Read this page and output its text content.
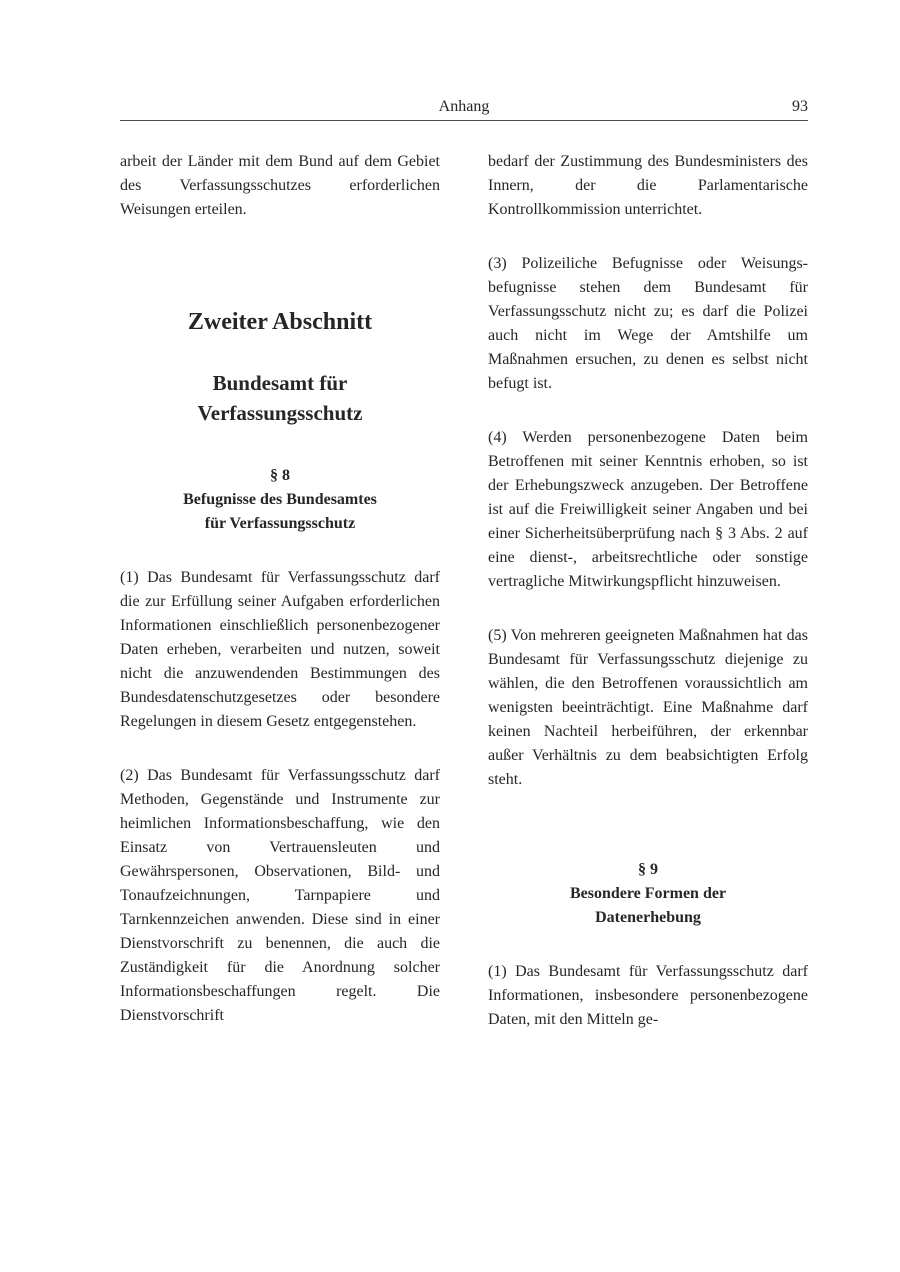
Anhang	93

arbeit der Länder mit dem Bund auf dem Gebiet des Verfassungsschutzes erforderlichen Weisungen erteilen.

Zweiter Abschnitt
Bundesamt für
Verfassungsschutz
§ 8
Befugnisse des Bundesamtes
für Verfassungsschutz

(1) Das Bundesamt für Verfassungsschutz darf die zur Erfüllung seiner Aufgaben erforderlichen Informationen einschließlich personenbezogener Daten erheben, verarbeiten und nutzen, soweit nicht die anzuwendenden Bestimmungen des Bundesdatenschutzgesetzes oder besondere Regelungen in diesem Gesetz entgegenstehen.

(2) Das Bundesamt für Verfassungsschutz darf Methoden, Gegenstände und Instrumente zur heimlichen Informationsbeschaffung, wie den Einsatz von Vertrauensleuten und Gewährspersonen, Observationen, Bild- und Tonaufzeichnungen, Tarnpapiere und Tarnkennzeichen anwenden. Diese sind in einer Dienstvorschrift zu benennen, die auch die Zuständigkeit für die Anordnung solcher Informationsbeschaffungen regelt. Die Dienstvorschrift

bedarf der Zustimmung des Bundesministers des Innern, der die Parlamentarische Kontrollkommission unterrichtet.

(3) Polizeiliche Befugnisse oder Weisungsbefugnisse stehen dem Bundesamt für Verfassungsschutz nicht zu; es darf die Polizei auch nicht im Wege der Amtshilfe um Maßnahmen ersuchen, zu denen es selbst nicht befugt ist.

(4) Werden personenbezogene Daten beim Betroffenen mit seiner Kenntnis erhoben, so ist der Erhebungszweck anzugeben. Der Betroffene ist auf die Freiwilligkeit seiner Angaben und bei einer Sicherheitsüberprüfung nach § 3 Abs. 2 auf eine dienst-, arbeitsrechtliche oder sonstige vertragliche Mitwirkungspflicht hinzuweisen.

(5) Von mehreren geeigneten Maßnahmen hat das Bundesamt für Verfassungsschutz diejenige zu wählen, die den Betroffenen voraussichtlich am wenigsten beeinträchtigt. Eine Maßnahme darf keinen Nachteil herbeiführen, der erkennbar außer Verhältnis zu dem beabsichtigten Erfolg steht.

§ 9
Besondere Formen der
Datenerhebung

(1) Das Bundesamt für Verfassungsschutz darf Informationen, insbesondere personenbezogene Daten, mit den Mitteln ge-
